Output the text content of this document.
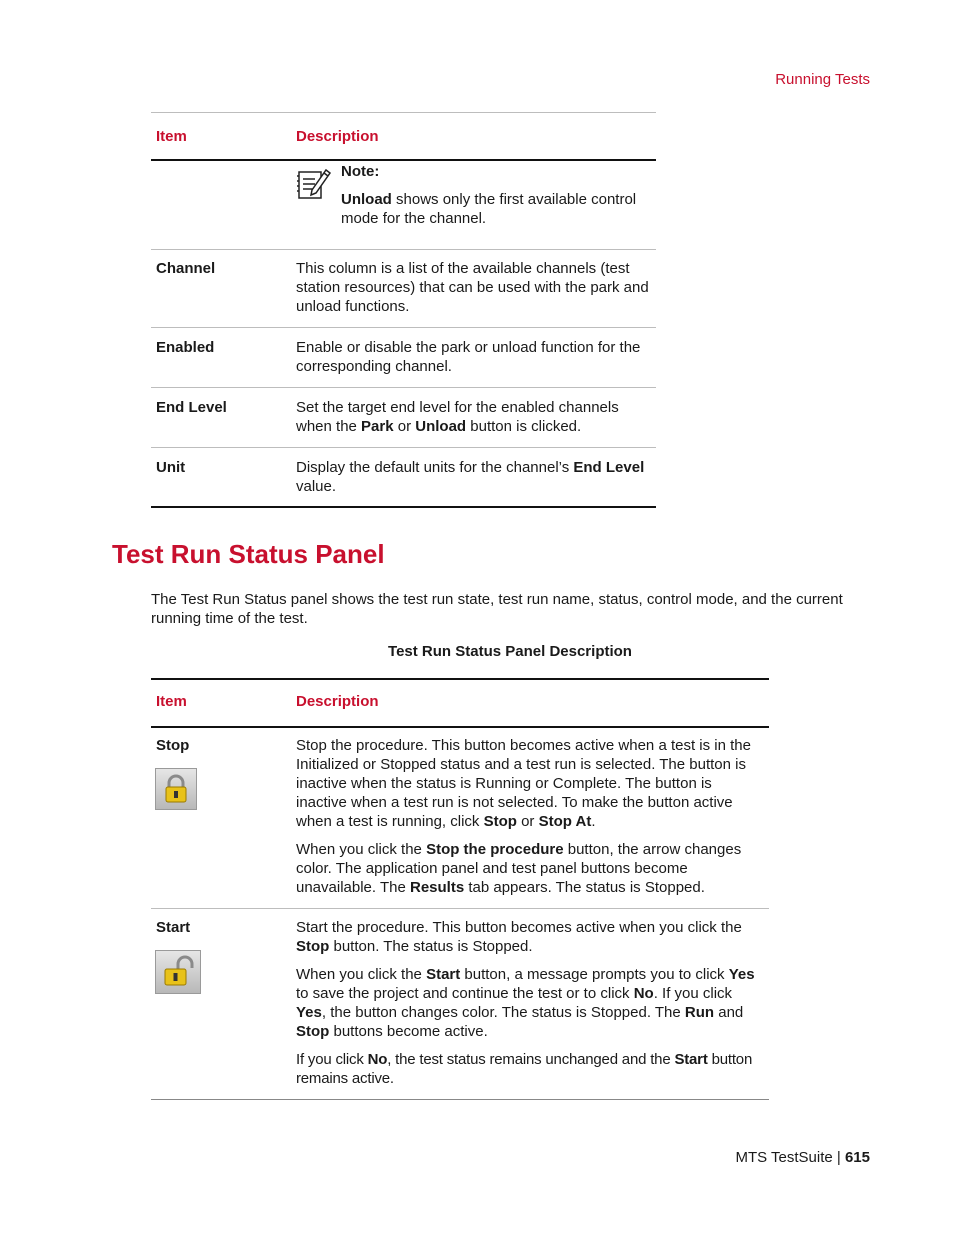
Running Tests
Item	Description
Note:
Unload shows only the first available control mode for the channel.
Channel	This column is a list of the available channels (test station resources) that can be used with the park and unload functions.
Enabled	Enable or disable the park or unload function for the corresponding channel.
End Level	Set the target end level for the enabled channels when the Park or Unload button is clicked.
Unit	Display the default units for the channel’s End Level value.
Test Run Status Panel
The Test Run Status panel shows the test run state, test run name, status, control mode, and the current running time of the test.
Test Run Status Panel Description
Item	Description
Stop	Stop the procedure. This button becomes active when a test is in the Initialized or Stopped status and a test run is selected. The button is inactive when the status is Running or Complete. The button is inactive when a test run is not selected. To make the button active when a test is running, click Stop or Stop At.

When you click the Stop the procedure button, the arrow changes color. The application panel and test panel buttons become unavailable. The Results tab appears. The status is Stopped.

Start	Start the procedure. This button becomes active when you click the Stop button. The status is Stopped.

When you click the Start button, a message prompts you to click Yes to save the project and continue the test or to click No. If you click Yes, the button changes color. The status is Stopped. The Run and Stop buttons become active.

If you click No, the test status remains unchanged and the Start button remains active.

MTS TestSuite | 615
